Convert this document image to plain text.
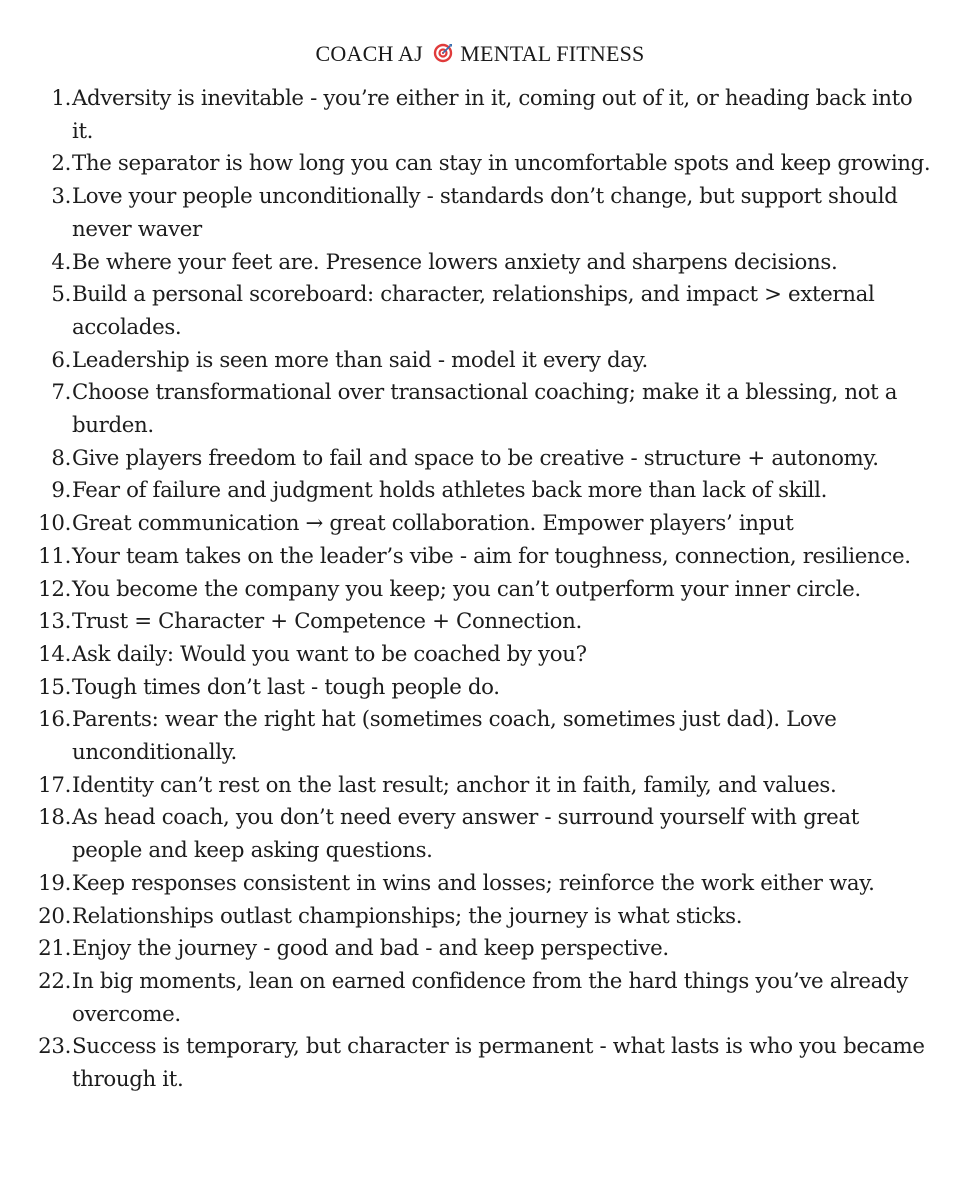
COACH AJ MENTAL FITNESS
1. Adversity is inevitable - you’re either in it, coming out of it, or heading back into it.
2. The separator is how long you can stay in uncomfortable spots and keep growing.
3. Love your people unconditionally - standards don’t change, but support should never waver
4. Be where your feet are. Presence lowers anxiety and sharpens decisions.
5. Build a personal scoreboard: character, relationships, and impact > external accolades.
6. Leadership is seen more than said - model it every day.
7. Choose transformational over transactional coaching; make it a blessing, not a burden.
8. Give players freedom to fail and space to be creative - structure + autonomy.
9. Fear of failure and judgment holds athletes back more than lack of skill.
10. Great communication → great collaboration. Empower players’ input
11. Your team takes on the leader’s vibe - aim for toughness, connection, resilience.
12. You become the company you keep; you can’t outperform your inner circle.
13. Trust = Character + Competence + Connection.
14. Ask daily: Would you want to be coached by you?
15. Tough times don’t last - tough people do.
16. Parents: wear the right hat (sometimes coach, sometimes just dad). Love unconditionally.
17. Identity can’t rest on the last result; anchor it in faith, family, and values.
18. As head coach, you don’t need every answer - surround yourself with great people and keep asking questions.
19. Keep responses consistent in wins and losses; reinforce the work either way.
20. Relationships outlast championships; the journey is what sticks.
21. Enjoy the journey - good and bad - and keep perspective.
22. In big moments, lean on earned confidence from the hard things you’ve already overcome.
23. Success is temporary, but character is permanent - what lasts is who you became through it.
